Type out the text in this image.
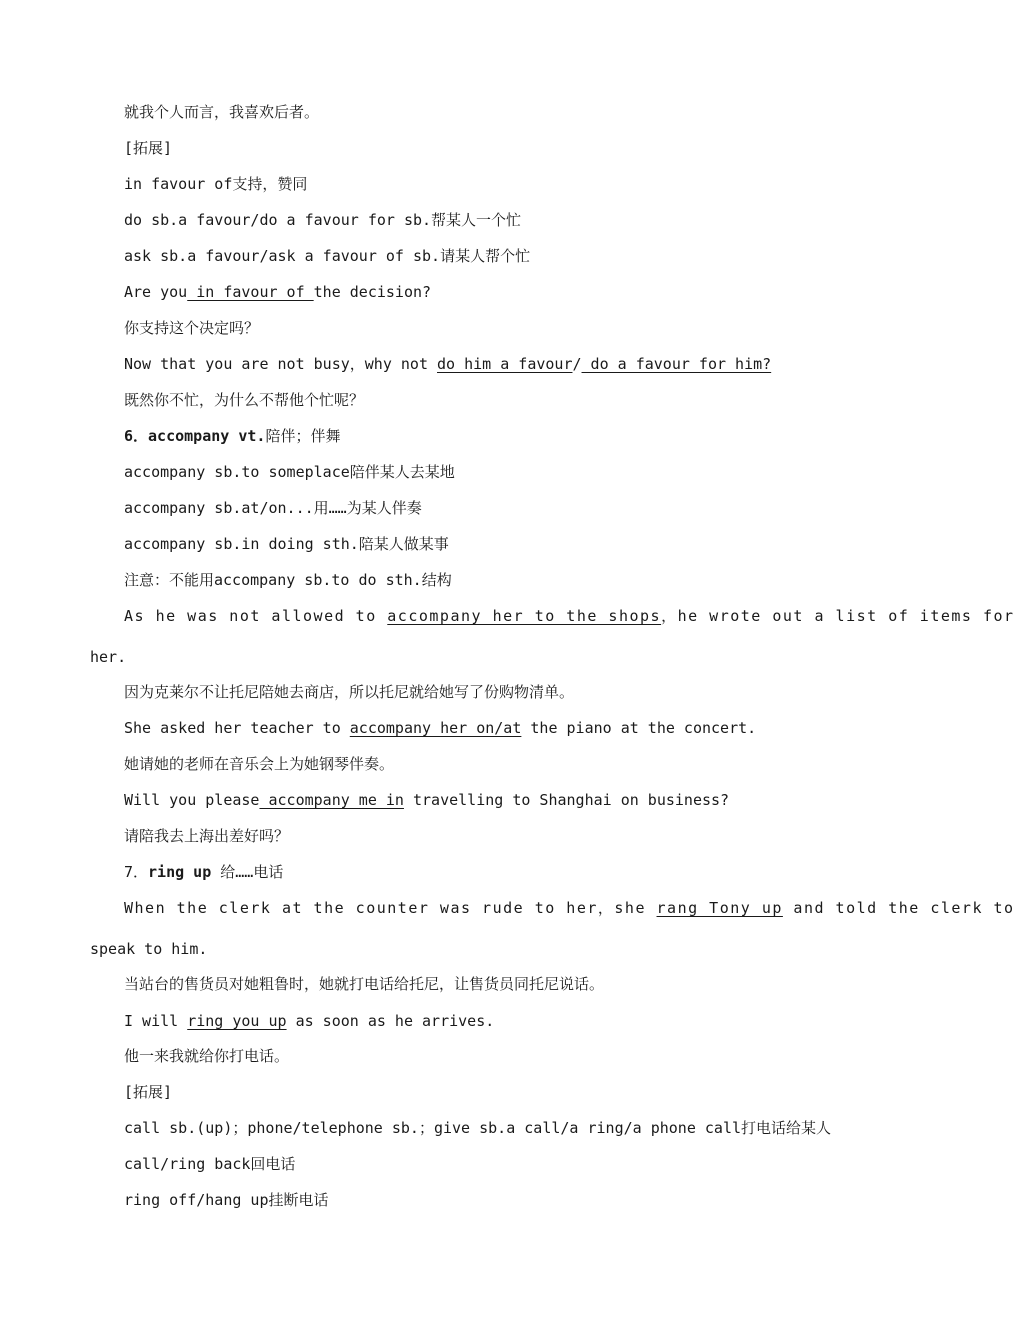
就我个人而言，我喜欢后者。
[拓展]
in favour of支持，赞同
do sb.a favour/do a favour for sb.帮某人一个忙
ask sb.a favour/ask a favour of sb.请某人帮个忙
Are you in favour of the decision?
你支持这个决定吗？
Now that you are not busy，why not do him a favour/ do a favour for him?
既然你不忙，为什么不帮他个忙呢？
6．accompany vt.陪伴；伴舞
accompany sb.to someplace陪伴某人去某地
accompany sb.at/on...用……为某人伴奏
accompany sb.in doing sth.陪某人做某事
注意：不能用accompany sb.to do sth.结构
As he was not allowed to accompany her to the shops，he wrote out a list of items for
her.
因为克莱尔不让托尼陪她去商店，所以托尼就给她写了份购物清单。
She asked her teacher to accompany her on/at the piano at the concert.
她请她的老师在音乐会上为她钢琴伴奏。
Will you please accompany me in travelling to Shanghai on business?
请陪我去上海出差好吗？
7．ring up 给……电话
When the clerk at the counter was rude to her，she rang Tony up and told the clerk to
speak to him.
当站台的售货员对她粗鲁时，她就打电话给托尼，让售货员同托尼说话。
I will ring you up as soon as he arrives.
他一来我就给你打电话。
[拓展]
call sb.(up)；phone/telephone sb.；give sb.a call/a ring/a phone call打电话给某人
call/ring back回电话
ring off/hang up挂断电话
